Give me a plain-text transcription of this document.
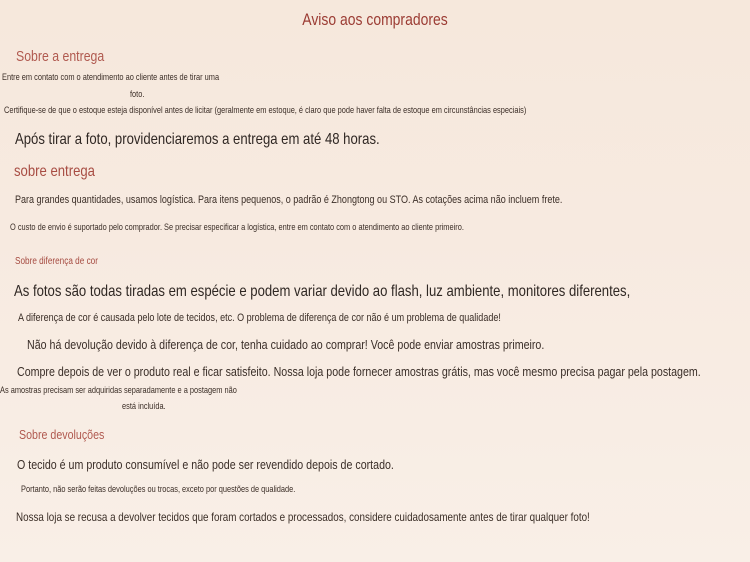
Aviso aos compradores
Sobre a entrega
Entre em contato com o atendimento ao cliente antes de tirar uma
foto.
Certifique-se de que o estoque esteja disponível antes de licitar (geralmente em estoque, é claro que pode haver falta de estoque em circunstâncias especiais)
Após tirar a foto, providenciaremos a entrega em até 48 horas.
sobre entrega
Para grandes quantidades, usamos logística. Para itens pequenos, o padrão é Zhongtong ou STO. As cotações acima não incluem frete.
O custo de envio é suportado pelo comprador. Se precisar especificar a logística, entre em contato com o atendimento ao cliente primeiro.
Sobre diferença de cor
As fotos são todas tiradas em espécie e podem variar devido ao flash, luz ambiente, monitores diferentes,
A diferença de cor é causada pelo lote de tecidos, etc. O problema de diferença de cor não é um problema de qualidade!
Não há devolução devido à diferença de cor, tenha cuidado ao comprar! Você pode enviar amostras primeiro.
Compre depois de ver o produto real e ficar satisfeito. Nossa loja pode fornecer amostras grátis, mas você mesmo precisa pagar pela postagem.
As amostras precisam ser adquiridas separadamente e a postagem não
está incluída.
Sobre devoluções
O tecido é um produto consumível e não pode ser revendido depois de cortado.
Portanto, não serão feitas devoluções ou trocas, exceto por questões de qualidade.
Nossa loja se recusa a devolver tecidos que foram cortados e processados, considere cuidadosamente antes de tirar qualquer foto!
